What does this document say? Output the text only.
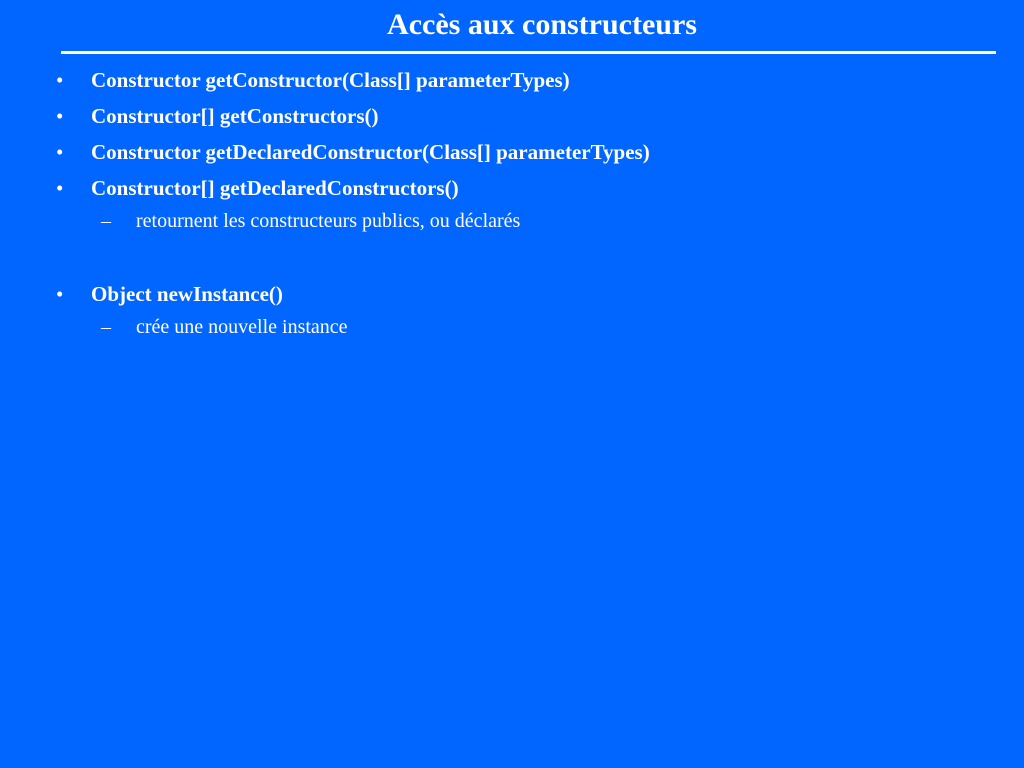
Accès aux constructeurs
• Constructor getConstructor(Class[] parameterTypes)
• Constructor[] getConstructors()
• Constructor getDeclaredConstructor(Class[] parameterTypes)
• Constructor[] getDeclaredConstructors()
– retournent les constructeurs publics, ou déclarés
• Object newInstance()
– crée une nouvelle instance
